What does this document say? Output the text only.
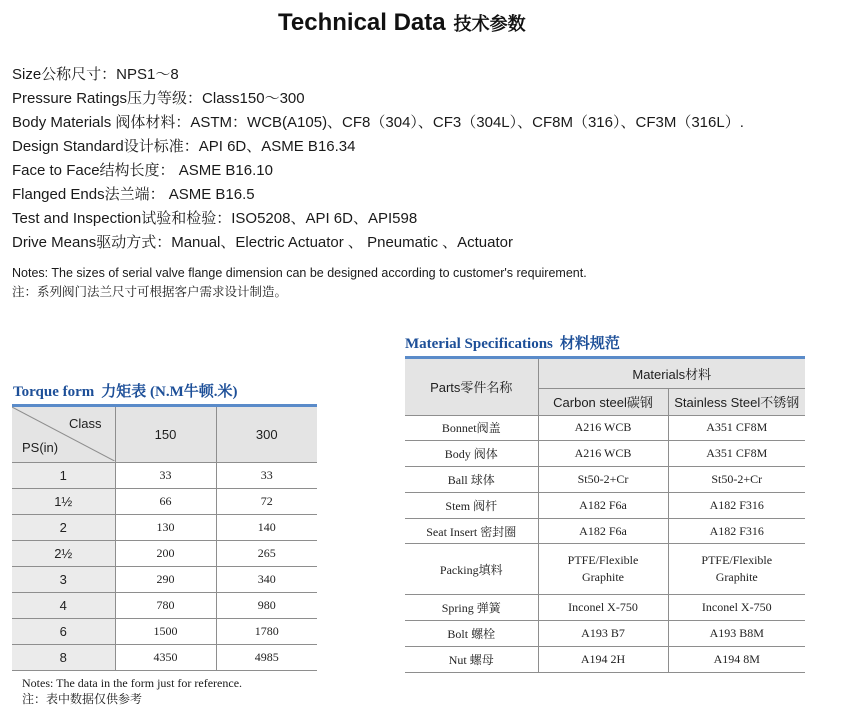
Technical Data 技术参数
Size公称尺寸：NPS1～8
Pressure Ratings压力等级：Class150～300
Body Materials 阀体材料：ASTM：WCB(A105)、CF8（304）、CF3（304L）、CF8M（316）、CF3M（316L）.
Design Standard设计标准：API 6D、ASME B16.34
Face to Face结构长度： ASME B16.10
Flanged Ends法兰端： ASME B16.5
Test and Inspection试验和检验：ISO5208、API 6D、API598
Drive Means驱动方式：Manual、Electric Actuator 、 Pneumatic 、Actuator
Notes: The sizes of serial valve flange dimension can be designed according to customer's requirement.
注：系列阀门法兰尺寸可根据客户需求设计制造。
Material Specifications 材料规范
Parts零件名称	Materials材料	
	Carbon steel碳钢	Stainless Steel不锈钢
Bonnet阀盖	A216 WCB	A351 CF8M
Body 阀体	A216 WCB	A351 CF8M
Ball 球体	St50-2+Cr	St50-2+Cr
Stem 阀杆	A182 F6a	A182 F316
Seat Insert 密封圈	A182 F6a	A182 F316
Packing填料	PTFE/Flexible Graphite	PTFE/Flexible Graphite
Spring 弹簧	Inconel X-750	Inconel X-750
Bolt 螺栓	A193 B7	A193 B8M
Nut 螺母	A194 2H	A194 8M
Torque form 力矩表 (N.M牛顿.米)
Class
PS(in)	150	300
1	33	33
1½	66	72
2	130	140
2½	200	265
3	290	340
4	780	980
6	1500	1780
8	4350	4985
Notes: The data in the form just for reference.
注：表中数据仅供参考
